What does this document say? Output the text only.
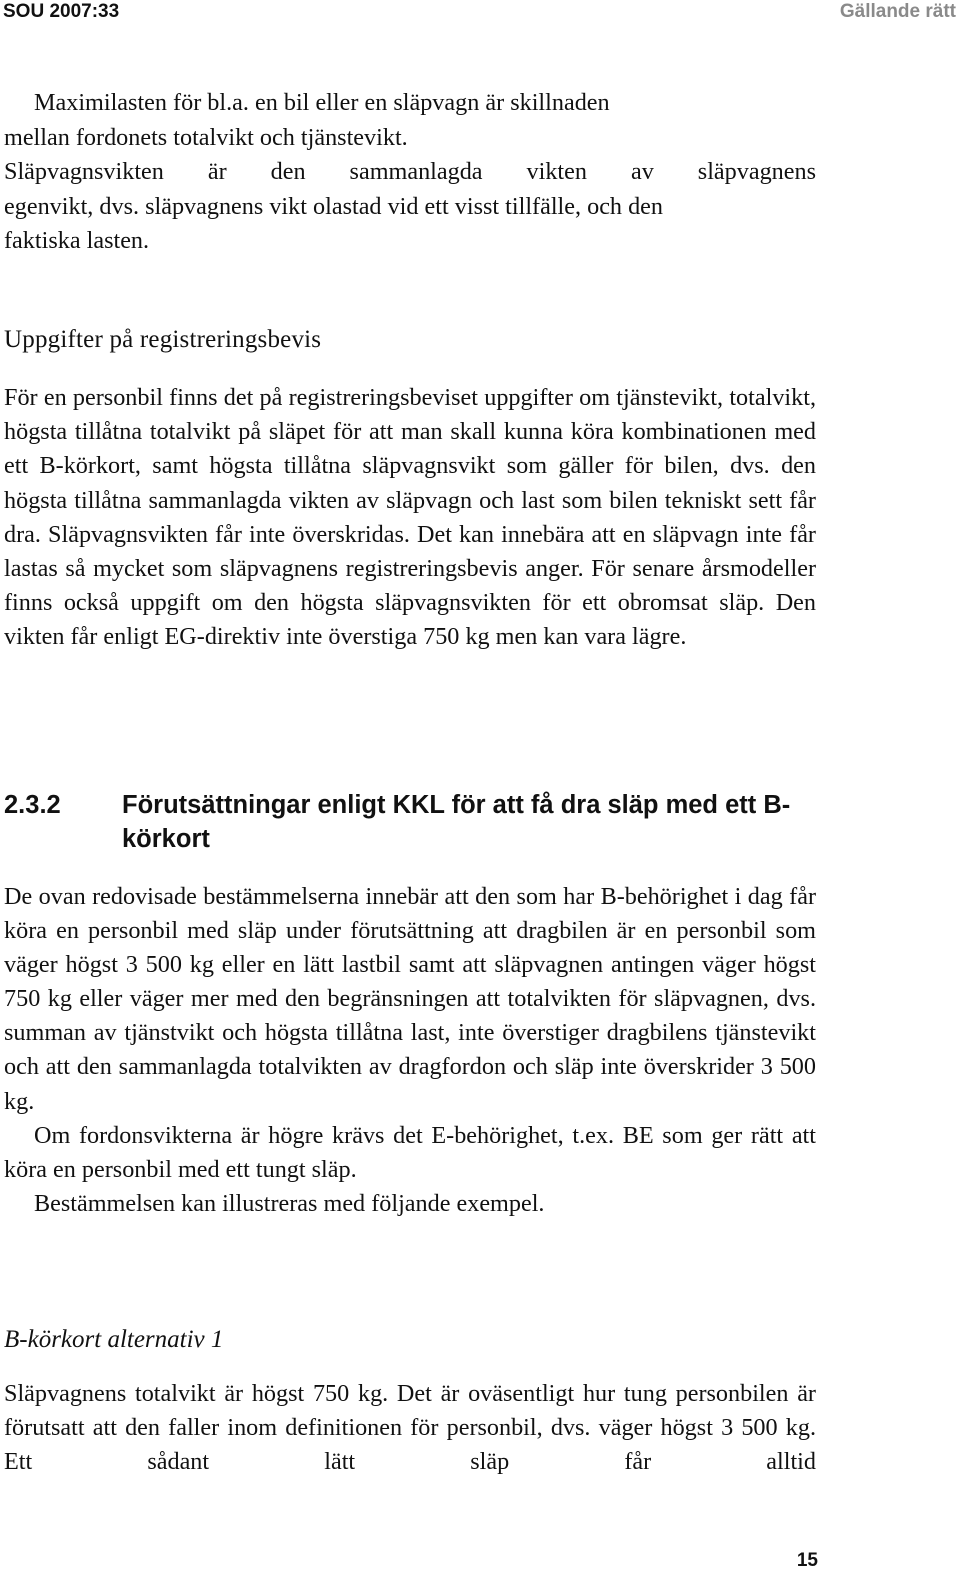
SOU 2007:33	Gällande rätt

Maximilasten för bl.a. en bil eller en släpvagn är skillnaden

mellan fordonets totalvikt och tjänstevikt.

Släpvagnsvikten är den sammanlagda vikten av släpvagnens

egenvikt, dvs. släpvagnens vikt olastad vid ett visst tillfälle, och den

faktiska lasten.

Uppgifter på registreringsbevis

För en personbil finns det på registreringsbeviset uppgifter om tjänstevikt, totalvikt, högsta tillåtna totalvikt på släpet för att man skall kunna köra kombinationen med ett B-körkort, samt högsta tillåtna släpvagnsvikt som gäller för bilen, dvs. den högsta tillåtna sammanlagda vikten av släpvagn och last som bilen tekniskt sett får dra. Släpvagnsvikten får inte överskridas. Det kan innebära att en släpvagn inte får lastas så mycket som släpvagnens registreringsbevis anger. För senare årsmodeller finns också uppgift om den högsta släpvagnsvikten för ett obromsat släp. Den vikten får enligt EG-direktiv inte överstiga 750 kg men kan vara lägre.

2.3.2 Förutsättningar enligt KKL för att få dra släp med ett B-körkort

De ovan redovisade bestämmelserna innebär att den som har B-behörighet i dag får köra en personbil med släp under förutsättning att dragbilen är en personbil som väger högst 3 500 kg eller en lätt lastbil samt att släpvagnen antingen väger högst 750 kg eller väger mer med den begränsningen att totalvikten för släpvagnen, dvs. summan av tjänstvikt och högsta tillåtna last, inte överstiger dragbilens tjänstevikt och att den sammanlagda totalvikten av dragfordon och släp inte överskrider 3 500 kg.

Om fordonsvikterna är högre krävs det E-behörighet, t.ex. BE som ger rätt att köra en personbil med ett tungt släp.

Bestämmelsen kan illustreras med följande exempel.

B-körkort alternativ 1

Släpvagnens totalvikt är högst 750 kg. Det är oväsentligt hur tung personbilen är förutsatt att den faller inom definitionen för personbil, dvs. väger högst 3 500 kg. Ett sådant lätt släp får alltid

15
